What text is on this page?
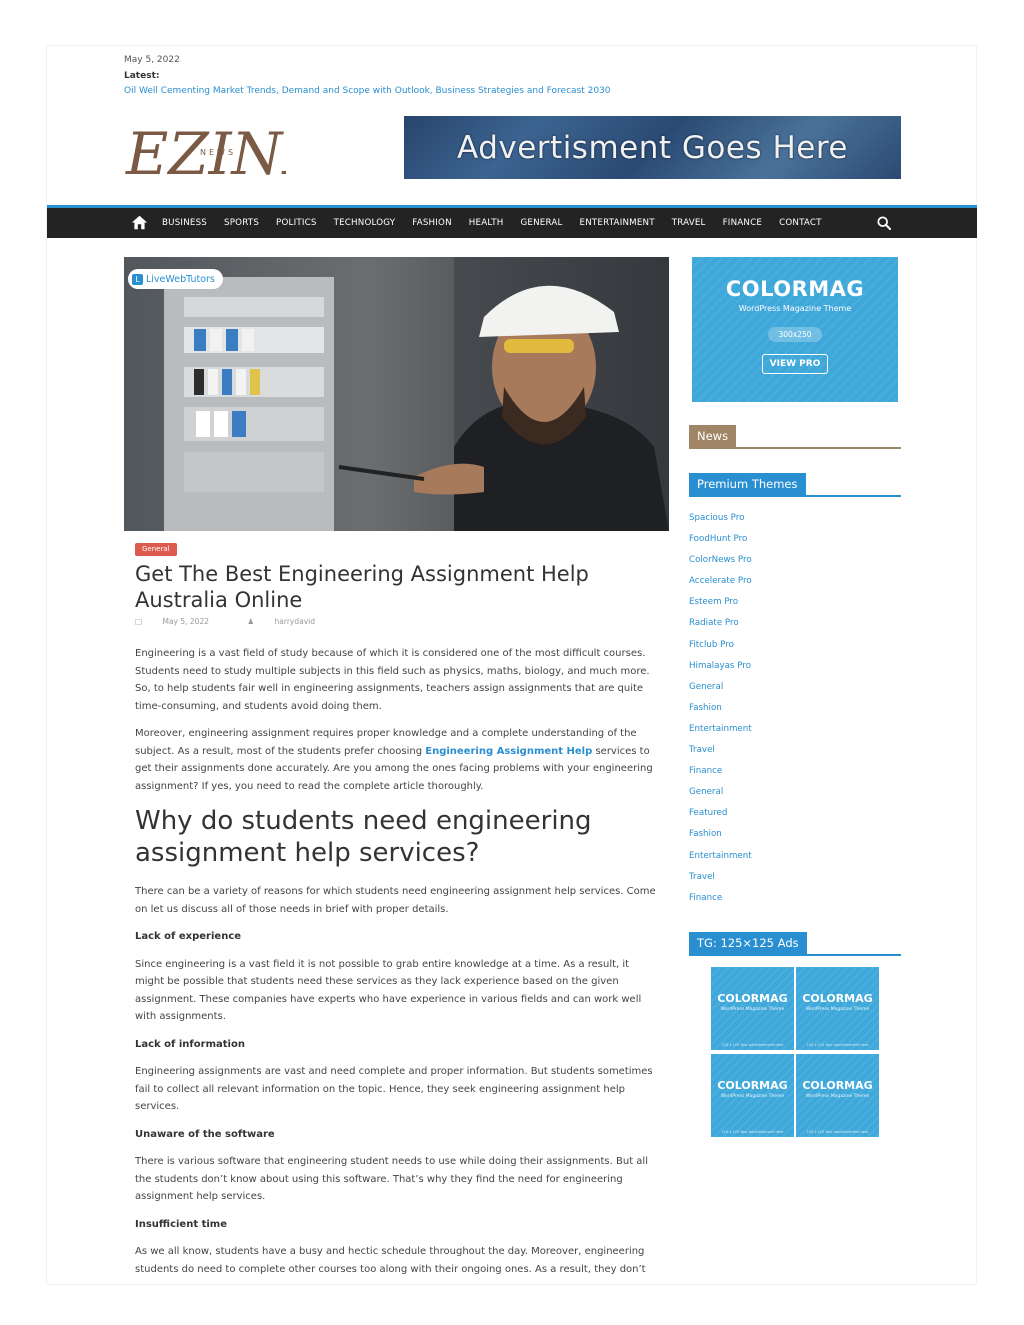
May 5, 2022
Latest:
Oil Well Cementing Market Trends, Demand and Scope with Outlook, Business Strategies and Forecast 2030
EZIN
NEWS	Advertisment Goes Here
BUSINESS SPORTS POLITICS TECHNOLOGY FASHION HEALTH GENERAL ENTERTAINMENT TRAVEL FINANCE CONTACT
L LiveWebTutors
General
Get The Best Engineering Assignment Help Australia Online
□	May 5, 2022	♟	harrydavid

Engineering is a vast field of study because of which it is considered one of the most difficult courses. Students need to study multiple subjects in this field such as physics, maths, biology, and much more. So, to help students fair well in engineering assignments, teachers assign assignments that are quite time-consuming, and students avoid doing them.

Moreover, engineering assignment requires proper knowledge and a complete understanding of the subject. As a result, most of the students prefer choosing Engineering Assignment Help services to get their assignments done accurately. Are you among the ones facing problems with your engineering assignment? If yes, you need to read the complete article thoroughly.

Why do students need engineering assignment help services?

There can be a variety of reasons for which students need engineering assignment help services. Come on let us discuss all of those needs in brief with proper details.

Lack of experience

Since engineering is a vast field it is not possible to grab entire knowledge at a time. As a result, it might be possible that students need these services as they lack experience based on the given assignment. These companies have experts who have experience in various fields and can work well with assignments.

Lack of information

Engineering assignments are vast and need complete and proper information. But students sometimes fail to collect all relevant information on the topic. Hence, they seek engineering assignment help services.

Unaware of the software

There is various software that engineering student needs to use while doing their assignments. But all the students don’t know about using this software. That’s why they find the need for engineering assignment help services.

Insufficient time

As we all know, students have a busy and hectic schedule throughout the day. Moreover, engineering students do need to complete other courses too along with their ongoing ones. As a result, they don’t

COLORMAG
WordPress Magazine Theme
300x250
VIEW PRO
News
Premium Themes
Spacious Pro
FoodHunt Pro
ColorNews Pro
Accelerate Pro
Esteem Pro
Radiate Pro
Fitclub Pro
Himalayas Pro
General
Fashion
Entertainment
Travel
Finance
General
Featured
Fashion
Entertainment
Travel
Finance
TG: 125×125 Ads
COLORMAG
WordPress Magazine Theme
125 x 125 Your advertisement here
COLORMAG
WordPress Magazine Theme
125 x 125 Your advertisement here
COLORMAG
WordPress Magazine Theme
125 x 125 Your advertisement here
COLORMAG
WordPress Magazine Theme
125 x 125 Your advertisement here
